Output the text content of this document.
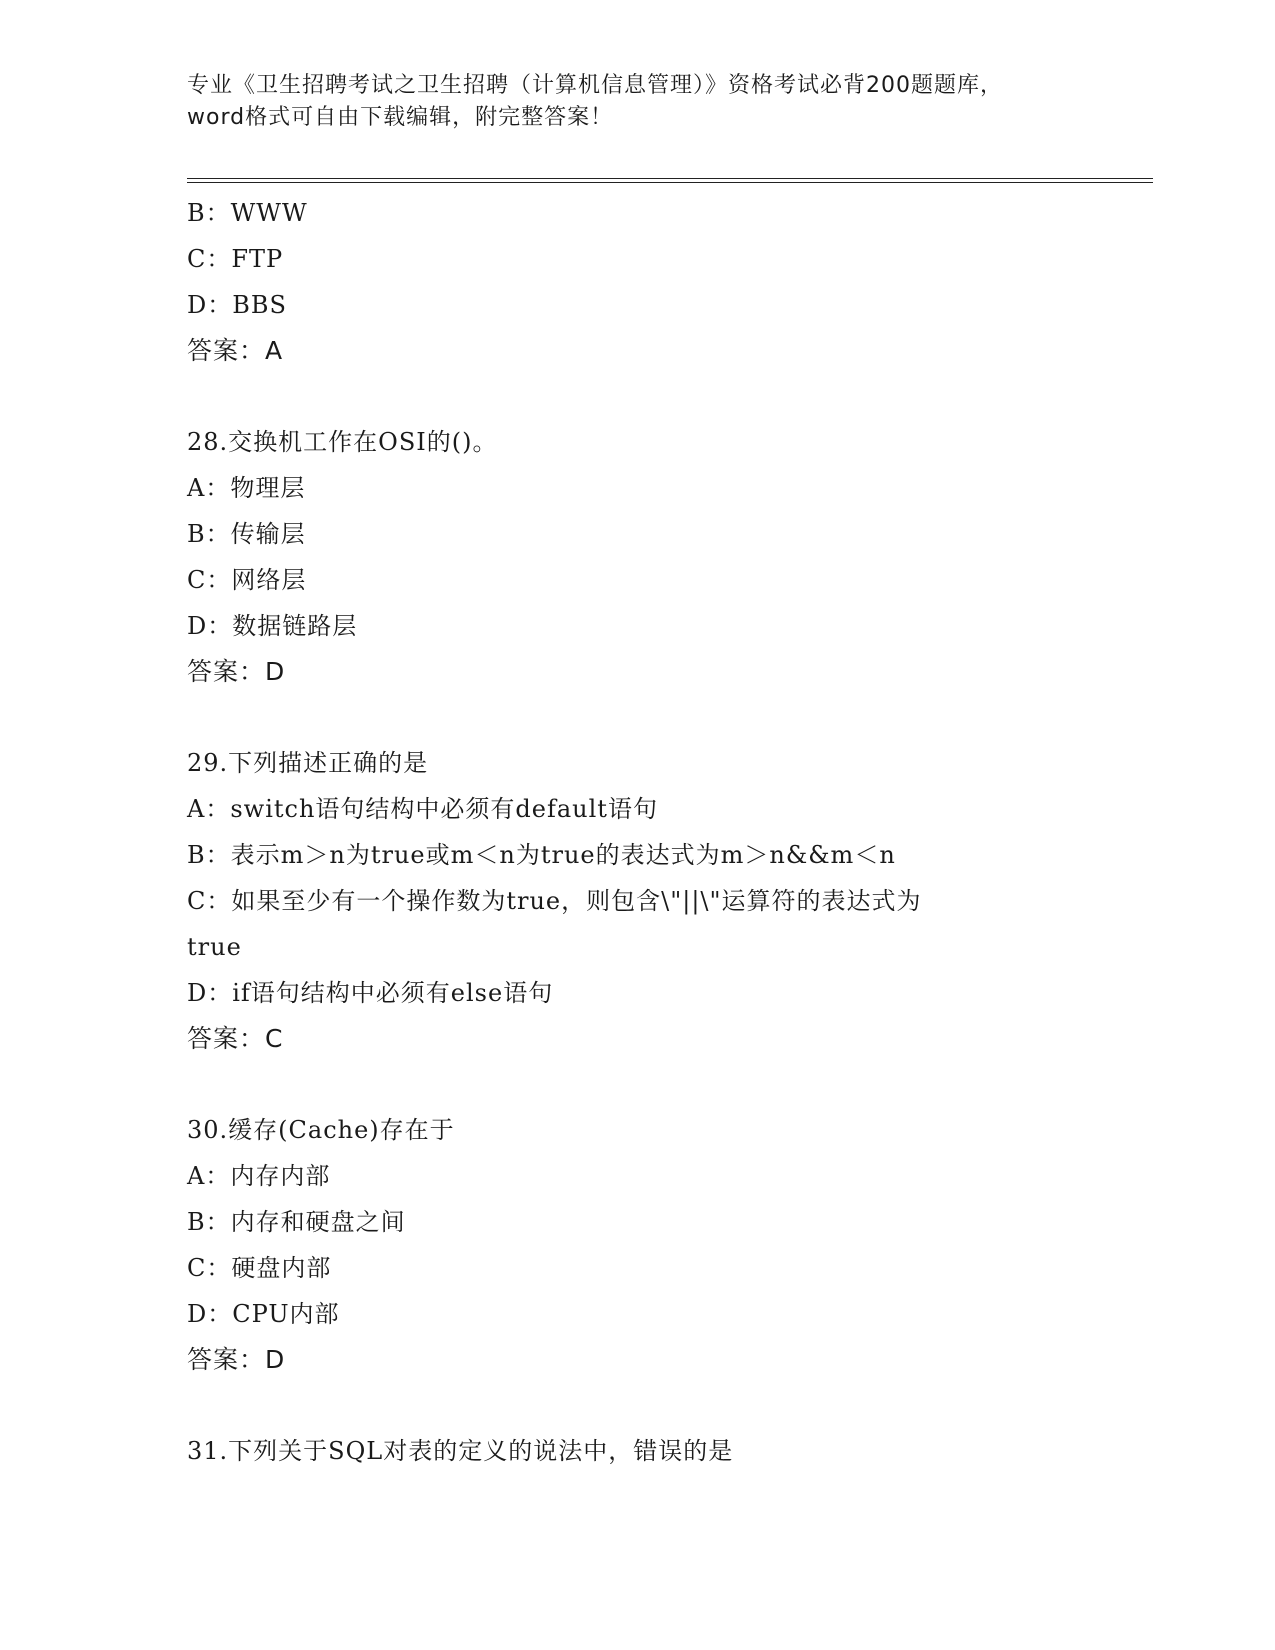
专业《卫生招聘考试之卫生招聘（计算机信息管理）》资格考试必背200题题库，
word格式可自由下载编辑，附完整答案！
B：WWW
C：FTP
D：BBS
答案：A
28.交换机工作在OSI的()。
A：物理层
B：传输层
C：网络层
D：数据链路层
答案：D
29.下列描述正确的是
A：switch语句结构中必须有default语句
B：表示m＞n为true或m＜n为true的表达式为m＞n&&m＜n
C：如果至少有一个操作数为true，则包含\"||\"运算符的表达式为
true
D：if语句结构中必须有else语句
答案：C
30.缓存(Cache)存在于
A：内存内部
B：内存和硬盘之间
C：硬盘内部
D：CPU内部
答案：D
31.下列关于SQL对表的定义的说法中，错误的是
